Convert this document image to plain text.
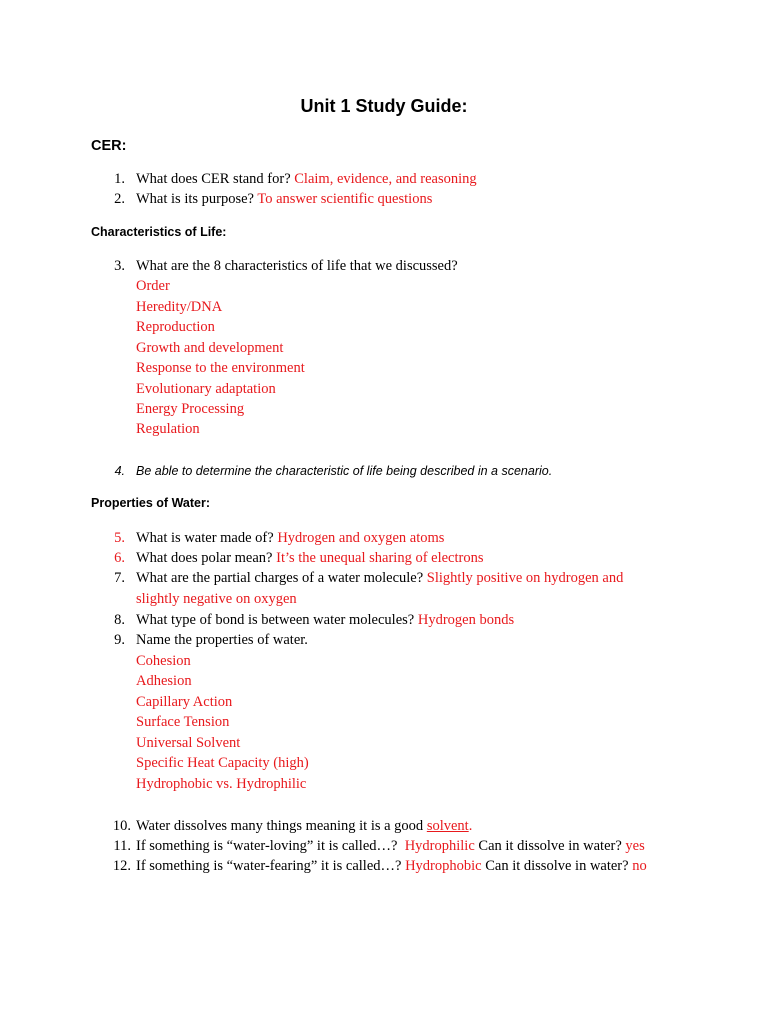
Unit 1 Study Guide:
CER:
1. What does CER stand for? Claim, evidence, and reasoning
2. What is its purpose? To answer scientific questions
Characteristics of Life:
3. What are the 8 characteristics of life that we discussed?
Order
Heredity/DNA
Reproduction
Growth and development
Response to the environment
Evolutionary adaptation
Energy Processing
Regulation
4. Be able to determine the characteristic of life being described in a scenario.
Properties of Water:
5. What is water made of? Hydrogen and oxygen atoms
6. What does polar mean? It’s the unequal sharing of electrons
7. What are the partial charges of a water molecule? Slightly positive on hydrogen and
slightly negative on oxygen
8. What type of bond is between water molecules? Hydrogen bonds
9. Name the properties of water.
Cohesion
Adhesion
Capillary Action
Surface Tension
Universal Solvent
Specific Heat Capacity (high)
Hydrophobic vs. Hydrophilic
10. Water dissolves many things meaning it is a good solvent.
11. If something is “water-loving” it is called…? Hydrophilic Can it dissolve in water? yes
12. If something is “water-fearing” it is called…? Hydrophobic Can it dissolve in water? no
